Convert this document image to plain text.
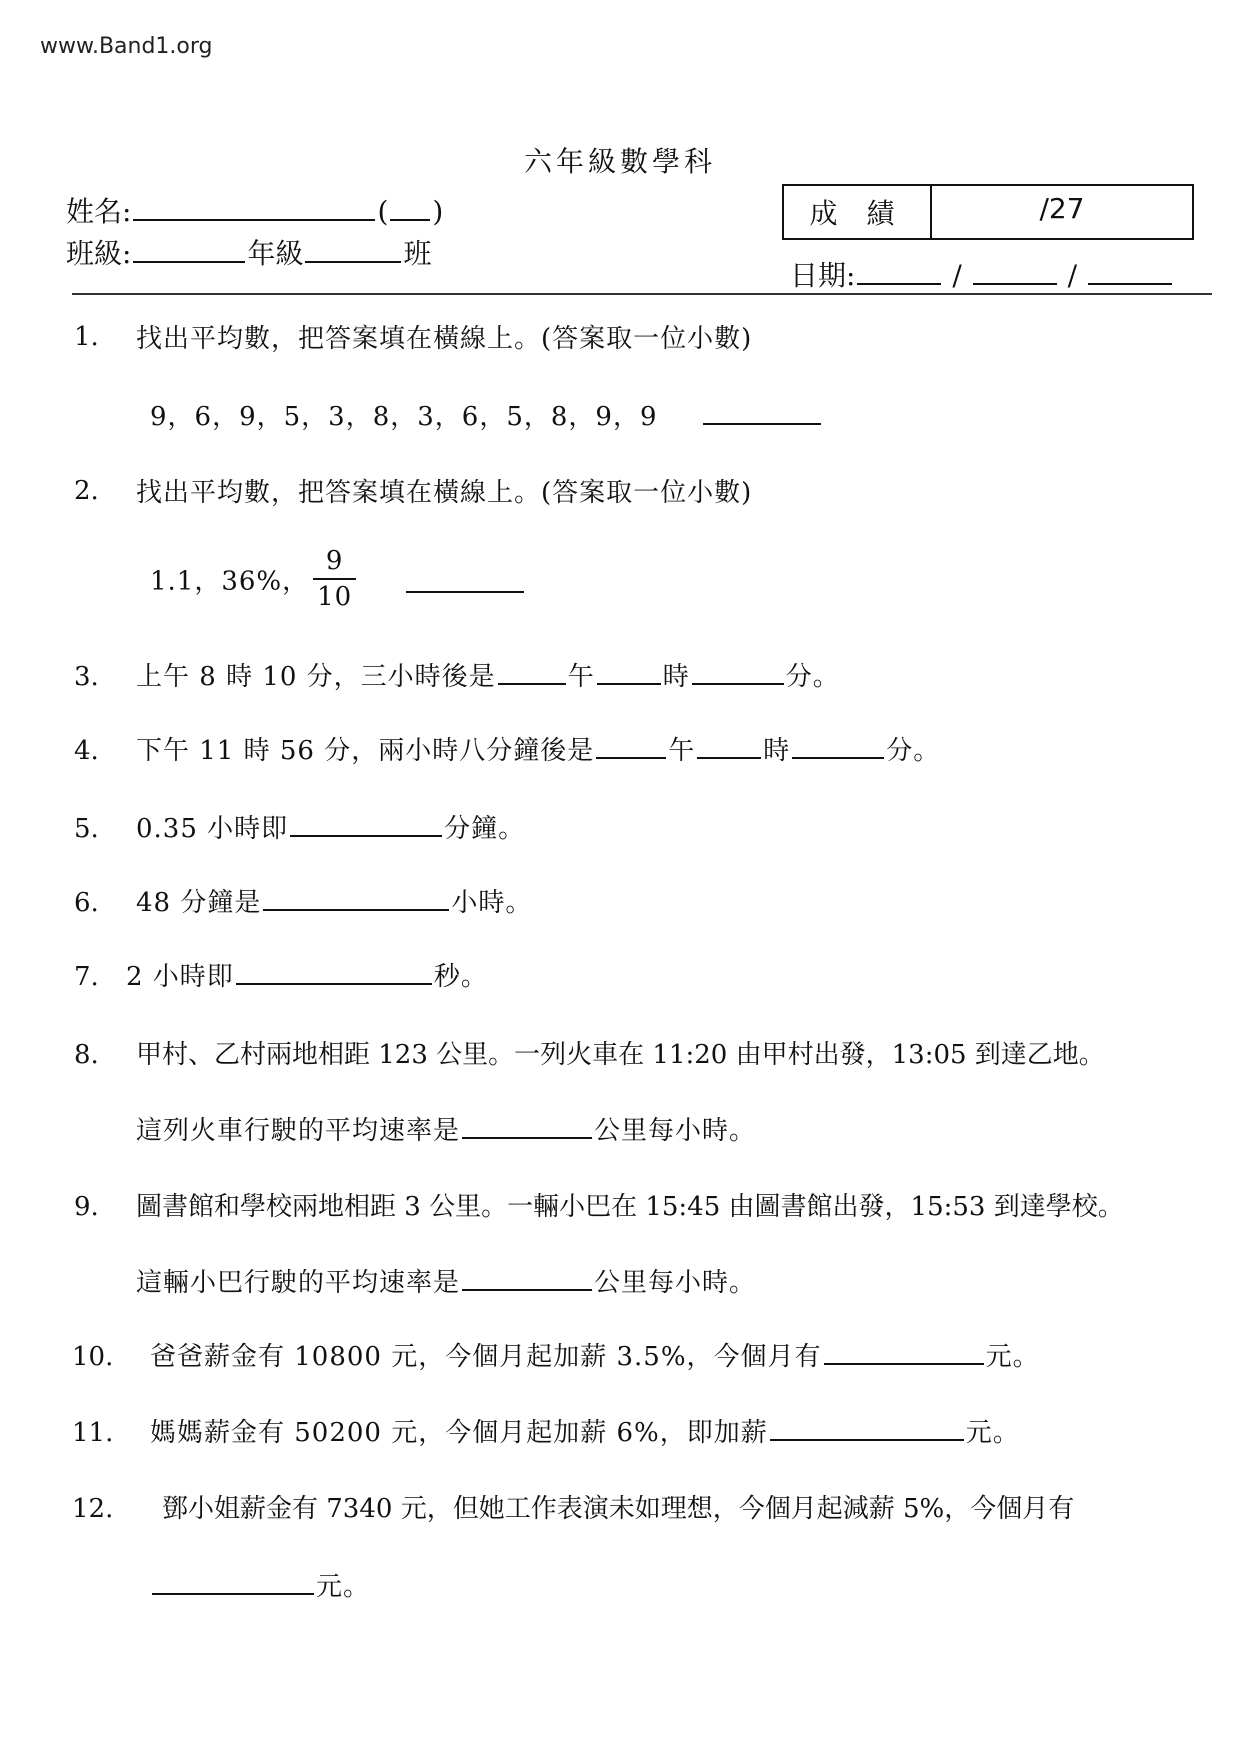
www.Band1.org
六年級數學科
姓名:	( )
班級:	年級	班
成 績	/27
日期:	/	/
1. 找出平均數，把答案填在橫線上。(答案取一位小數)
9，6，9，5，3，8，3，6，5，8，9，9
2. 找出平均數，把答案填在橫線上。(答案取一位小數)
1.1，36%， $\frac{9}{10}$

3. 上午 8 時 10 分，三小時後是	午	時	分。
4. 下午 11 時 56 分，兩小時八分鐘後是	午	時	分。
5. 0.35 小時即	分鐘。
6. 48 分鐘是	小時。
7. 2 小時即	秒。
8. 甲村、乙村兩地相距 123 公里。一列火車在 11:20 由甲村出發，13:05 到達乙地。
這列火車行駛的平均速率是	公里每小時。
9. 圖書館和學校兩地相距 3 公里。一輛小巴在 15:45 由圖書館出發，15:53 到達學校。
這輛小巴行駛的平均速率是	公里每小時。
10. 爸爸薪金有 10800 元，今個月起加薪 3.5%，今個月有	元。
11. 媽媽薪金有 50200 元，今個月起加薪 6%，即加薪	元。
12. 鄧小姐薪金有 7340 元，但她工作表演未如理想，今個月起減薪 5%，今個月有
元。
